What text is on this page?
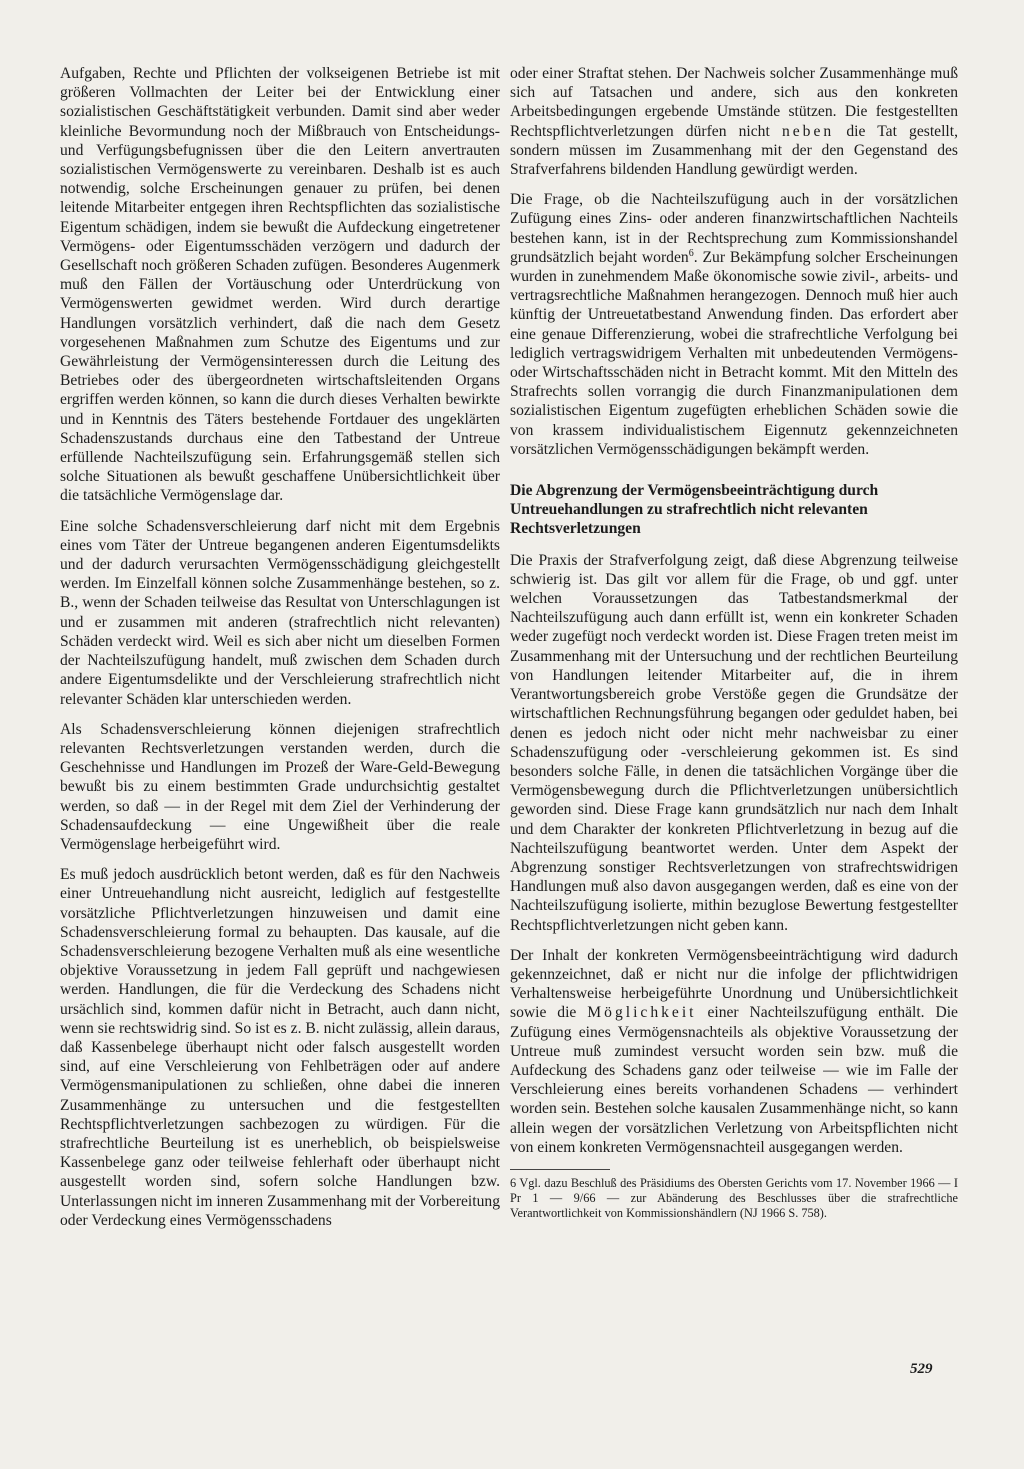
Aufgaben, Rechte und Pflichten der volkseigenen Betriebe ist mit größeren Vollmachten der Leiter bei der Entwicklung einer sozialistischen Geschäftstätigkeit verbunden. Damit sind aber weder kleinliche Bevormundung noch der Mißbrauch von Entscheidungs- und Verfügungsbefugnissen über die den Leitern anvertrauten sozialistischen Vermögenswerte zu vereinbaren. Deshalb ist es auch notwendig, solche Erscheinungen genauer zu prüfen, bei denen leitende Mitarbeiter entgegen ihren Rechtspflichten das sozialistische Eigentum schädigen, indem sie bewußt die Aufdeckung eingetretener Vermögens- oder Eigentumsschäden verzögern und dadurch der Gesellschaft noch größeren Schaden zufügen. Besonderes Augenmerk muß den Fällen der Vortäuschung oder Unterdrückung von Vermögenswerten gewidmet werden. Wird durch derartige Handlungen vorsätzlich verhindert, daß die nach dem Gesetz vorgesehenen Maßnahmen zum Schutze des Eigentums und zur Gewährleistung der Vermögensinteressen durch die Leitung des Betriebes oder des übergeordneten wirtschaftsleitenden Organs ergriffen werden können, so kann die durch dieses Verhalten bewirkte und in Kenntnis des Täters bestehende Fortdauer des ungeklärten Schadenszustands durchaus eine den Tatbestand der Untreue erfüllende Nachteilszufügung sein. Erfahrungsgemäß stellen sich solche Situationen als bewußt geschaffene Unübersichtlichkeit über die tatsächliche Vermögenslage dar.

Eine solche Schadensverschleierung darf nicht mit dem Ergebnis eines vom Täter der Untreue begangenen anderen Eigentumsdelikts und der dadurch verursachten Vermögensschädigung gleichgestellt werden. Im Einzelfall können solche Zusammenhänge bestehen, so z. B., wenn der Schaden teilweise das Resultat von Unterschlagungen ist und er zusammen mit anderen (strafrechtlich nicht relevanten) Schäden verdeckt wird. Weil es sich aber nicht um dieselben Formen der Nachteilszufügung handelt, muß zwischen dem Schaden durch andere Eigentumsdelikte und der Verschleierung strafrechtlich nicht relevanter Schäden klar unterschieden werden.

Als Schadensverschleierung können diejenigen strafrechtlich relevanten Rechtsverletzungen verstanden werden, durch die Geschehnisse und Handlungen im Prozeß der Ware-Geld-Bewegung bewußt bis zu einem bestimmten Grade undurchsichtig gestaltet werden, so daß — in der Regel mit dem Ziel der Verhinderung der Schadensaufdeckung — eine Ungewißheit über die reale Vermögenslage herbeigeführt wird.

Es muß jedoch ausdrücklich betont werden, daß es für den Nachweis einer Untreuehandlung nicht ausreicht, lediglich auf festgestellte vorsätzliche Pflichtverletzungen hinzuweisen und damit eine Schadensverschleierung formal zu behaupten. Das kausale, auf die Schadensverschleierung bezogene Verhalten muß als eine wesentliche objektive Voraussetzung in jedem Fall geprüft und nachgewiesen werden. Handlungen, die für die Verdeckung des Schadens nicht ursächlich sind, kommen dafür nicht in Betracht, auch dann nicht, wenn sie rechtswidrig sind. So ist es z. B. nicht zulässig, allein daraus, daß Kassenbelege überhaupt nicht oder falsch ausgestellt worden sind, auf eine Verschleierung von Fehlbeträgen oder auf andere Vermögensmanipulationen zu schließen, ohne dabei die inneren Zusammenhänge zu untersuchen und die festgestellten Rechtspflichtverletzungen sachbezogen zu würdigen. Für die strafrechtliche Beurteilung ist es unerheblich, ob beispielsweise Kassenbelege ganz oder teilweise fehlerhaft oder überhaupt nicht ausgestellt worden sind, sofern solche Handlungen bzw. Unterlassungen nicht im inneren Zusammenhang mit der Vorbereitung oder Verdeckung eines Vermögensschadens

oder einer Straftat stehen. Der Nachweis solcher Zusammenhänge muß sich auf Tatsachen und andere, sich aus den konkreten Arbeitsbedingungen ergebende Umstände stützen. Die festgestellten Rechtspflichtverletzungen dürfen nicht neben die Tat gestellt, sondern müssen im Zusammenhang mit der den Gegenstand des Strafverfahrens bildenden Handlung gewürdigt werden.

Die Frage, ob die Nachteilszufügung auch in der vorsätzlichen Zufügung eines Zins- oder anderen finanzwirtschaftlichen Nachteils bestehen kann, ist in der Rechtsprechung zum Kommissionshandel grundsätzlich bejaht worden$^6$. Zur Bekämpfung solcher Erscheinungen wurden in zunehmendem Maße ökonomische sowie zivil-, arbeits- und vertragsrechtliche Maßnahmen herangezogen. Dennoch muß hier auch künftig der Untreuetatbestand Anwendung finden. Das erfordert aber eine genaue Differenzierung, wobei die strafrechtliche Verfolgung bei lediglich vertragswidrigem Verhalten mit unbedeutenden Vermögens- oder Wirtschaftsschäden nicht in Betracht kommt. Mit den Mitteln des Strafrechts sollen vorrangig die durch Finanzmanipulationen dem sozialistischen Eigentum zugefügten erheblichen Schäden sowie die von krassem individualistischem Eigennutz gekennzeichneten vorsätzlichen Vermögensschädigungen bekämpft werden.

Die Abgrenzung der Vermögensbeeinträchtigung durch Untreuehandlungen zu strafrechtlich nicht relevanten Rechtsverletzungen

Die Praxis der Strafverfolgung zeigt, daß diese Abgrenzung teilweise schwierig ist. Das gilt vor allem für die Frage, ob und ggf. unter welchen Voraussetzungen das Tatbestandsmerkmal der Nachteilszufügung auch dann erfüllt ist, wenn ein konkreter Schaden weder zugefügt noch verdeckt worden ist. Diese Fragen treten meist im Zusammenhang mit der Untersuchung und der rechtlichen Beurteilung von Handlungen leitender Mitarbeiter auf, die in ihrem Verantwortungsbereich grobe Verstöße gegen die Grundsätze der wirtschaftlichen Rechnungsführung begangen oder geduldet haben, bei denen es jedoch nicht oder nicht mehr nachweisbar zu einer Schadenszufügung oder -verschleierung gekommen ist. Es sind besonders solche Fälle, in denen die tatsächlichen Vorgänge über die Vermögensbewegung durch die Pflichtverletzungen unübersichtlich geworden sind. Diese Frage kann grundsätzlich nur nach dem Inhalt und dem Charakter der konkreten Pflichtverletzung in bezug auf die Nachteilszufügung beantwortet werden. Unter dem Aspekt der Abgrenzung sonstiger Rechtsverletzungen von strafrechtswidrigen Handlungen muß also davon ausgegangen werden, daß es eine von der Nachteilszufügung isolierte, mithin bezuglose Bewertung festgestellter Rechtspflichtverletzungen nicht geben kann.

Der Inhalt der konkreten Vermögensbeeinträchtigung wird dadurch gekennzeichnet, daß er nicht nur die infolge der pflichtwidrigen Verhaltensweise herbeigeführte Unordnung und Unübersichtlichkeit sowie die Möglichkeit einer Nachteilszufügung enthält. Die Zufügung eines Vermögensnachteils als objektive Voraussetzung der Untreue muß zumindest versucht worden sein bzw. muß die Aufdeckung des Schadens ganz oder teilweise — wie im Falle der Verschleierung eines bereits vorhandenen Schadens — verhindert worden sein. Bestehen solche kausalen Zusammenhänge nicht, so kann allein wegen der vorsätzlichen Verletzung von Arbeitspflichten nicht von einem konkreten Vermögensnachteil ausgegangen werden.

6 Vgl. dazu Beschluß des Präsidiums des Obersten Gerichts vom 17. November 1966 — I Pr 1 — 9/66 — zur Abänderung des Beschlusses über die strafrechtliche Verantwortlichkeit von Kommissionshändlern (NJ 1966 S. 758).

529
